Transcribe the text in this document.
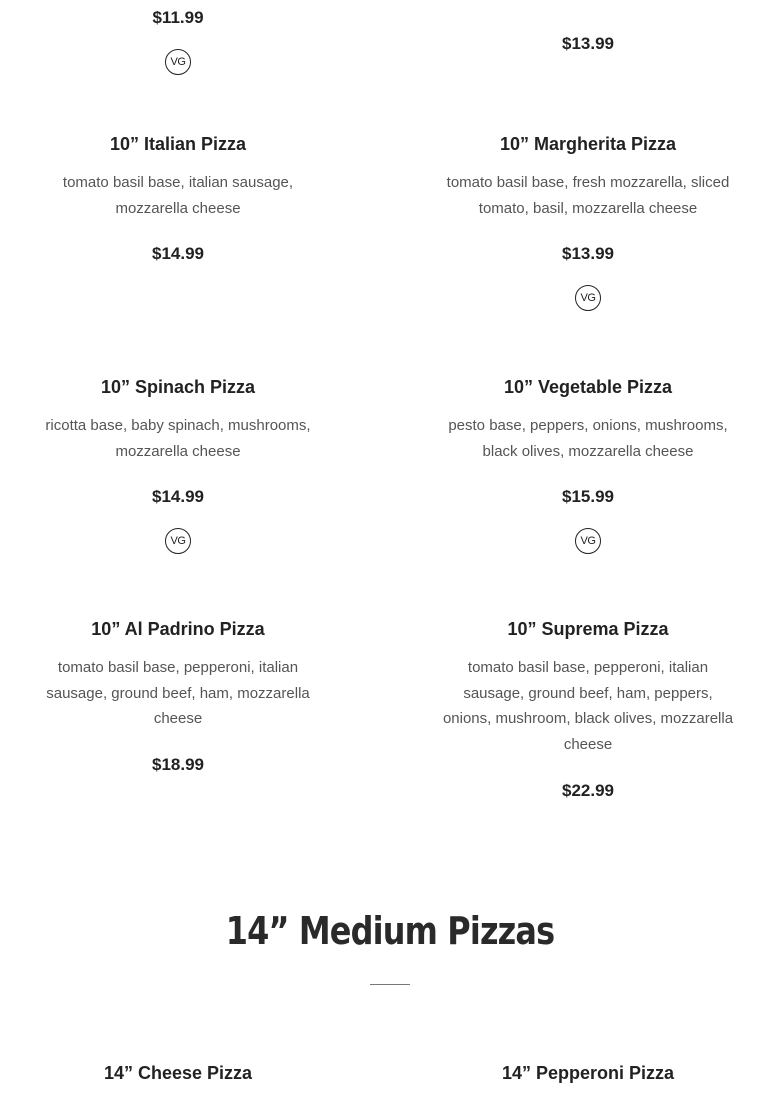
$11.99
VG
$13.99
10” Italian Pizza
tomato basil base, italian sausage, mozzarella cheese
$14.99
10” Margherita Pizza
tomato basil base, fresh mozzarella, sliced tomato, basil, mozzarella cheese
$13.99
VG
10” Spinach Pizza
ricotta base, baby spinach, mushrooms, mozzarella cheese
$14.99
VG
10” Vegetable Pizza
pesto base, peppers, onions, mushrooms, black olives, mozzarella cheese
$15.99
VG
10” Al Padrino Pizza
tomato basil base, pepperoni, italian sausage, ground beef, ham, mozzarella cheese
$18.99
10” Suprema Pizza
tomato basil base, pepperoni, italian sausage, ground beef, ham, peppers, onions, mushroom, black olives, mozzarella cheese
$22.99
14” Medium Pizzas
14” Cheese Pizza	14” Pepperoni Pizza
